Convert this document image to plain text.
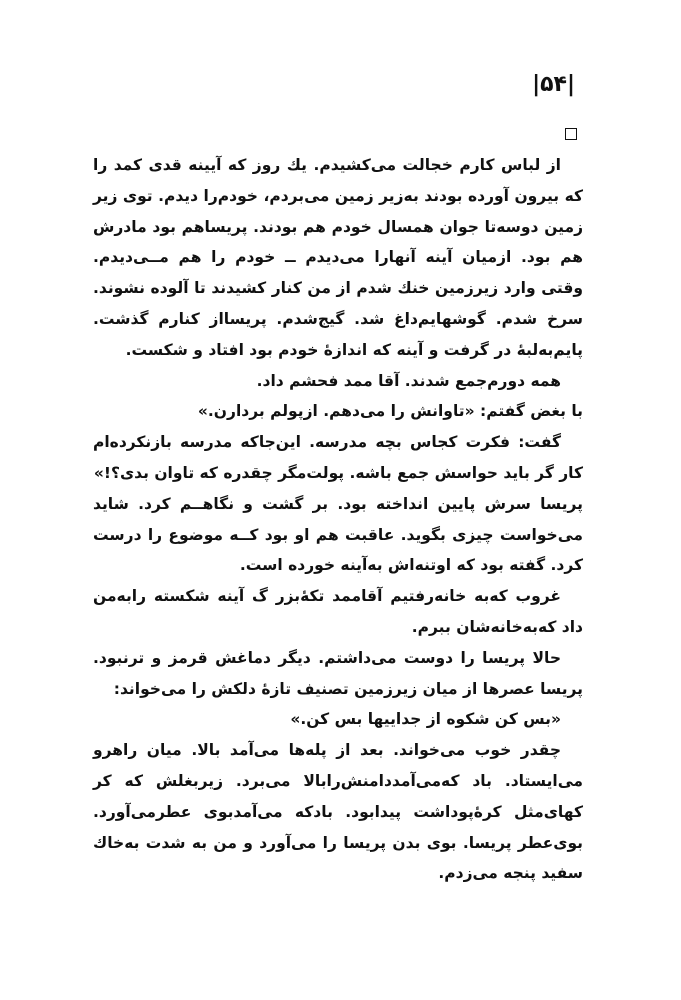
|۵۴|

از لباس کارم خجالت می‌کشیدم. یك روز که آیینه قدی کمد را که بیرون آورده بودند به‌زیر زمین می‌بردم، خودم‌را دیدم. توی زیر زمین دوسه‌تا جوان همسال خودم هم بودند. پریساهم بود مادرش هم بود. ازمیان آینه آنهارا می‌دیدم ــ خودم را هم مــی‌دیدم. وقتی وارد زیرزمین خنك شدم از من کنار کشیدند تا آلوده نشوند. سرخ شدم. گوشهایم‌داغ شد. گیج‌شدم. پریسااز کنارم گذشت. پایم‌به‌لبهٔ در گرفت و آینه که اندازهٔ خودم بود افتاد و شکست.

همه دورم‌جمع شدند. آقا ممد فحشم داد.

با بغض گفتم: «تاوانش را می‌دهم. ازپولم بردارن.»

گفت: فکرت کجاس بچه مدرسه. این‌جاکه مدرسه بازنکرده‌ام کار گر باید حواسش جمع باشه. پولت‌مگر چقدره که تاوان بدی؟!»

پریسا سرش پایین انداخته بود. بر گشت و نگاهــم کرد. شاید می‌خواست چیزی بگوید. عاقبت هم او بود کــه موضوع را درست کرد. گفته بود که اوتنه‌اش به‌آینه خورده است.

غروب که‌به خانه‌رفتیم آقاممد تکهٔ‌بزر گ آینه شکسته رابه‌من داد که‌به‌خانه‌شان ببرم.

حالا پریسا را دوست می‌داشتم. دیگر دماغش قرمز و ترنبود. پریسا عصرها از میان زیرزمین تصنیف تازهٔ دلکش را می‌خواند:

«بس کن شکوه از جداییها بس کن.»

چقدر خوب می‌خواند. بعد از پله‌ها می‌آمد بالا. میان راهرو می‌ایستاد. باد که‌می‌آمددامنش‌رابالا می‌برد. زیربغلش که کر کهای‌مثل کرهٔ‌پوداشت پیدابود. بادکه می‌آمدبوی عطرمی‌آورد. بوی‌عطر پریسا. بوی بدن پریسا را می‌آورد و من به شدت به‌خاك سفید پنجه می‌زدم.
